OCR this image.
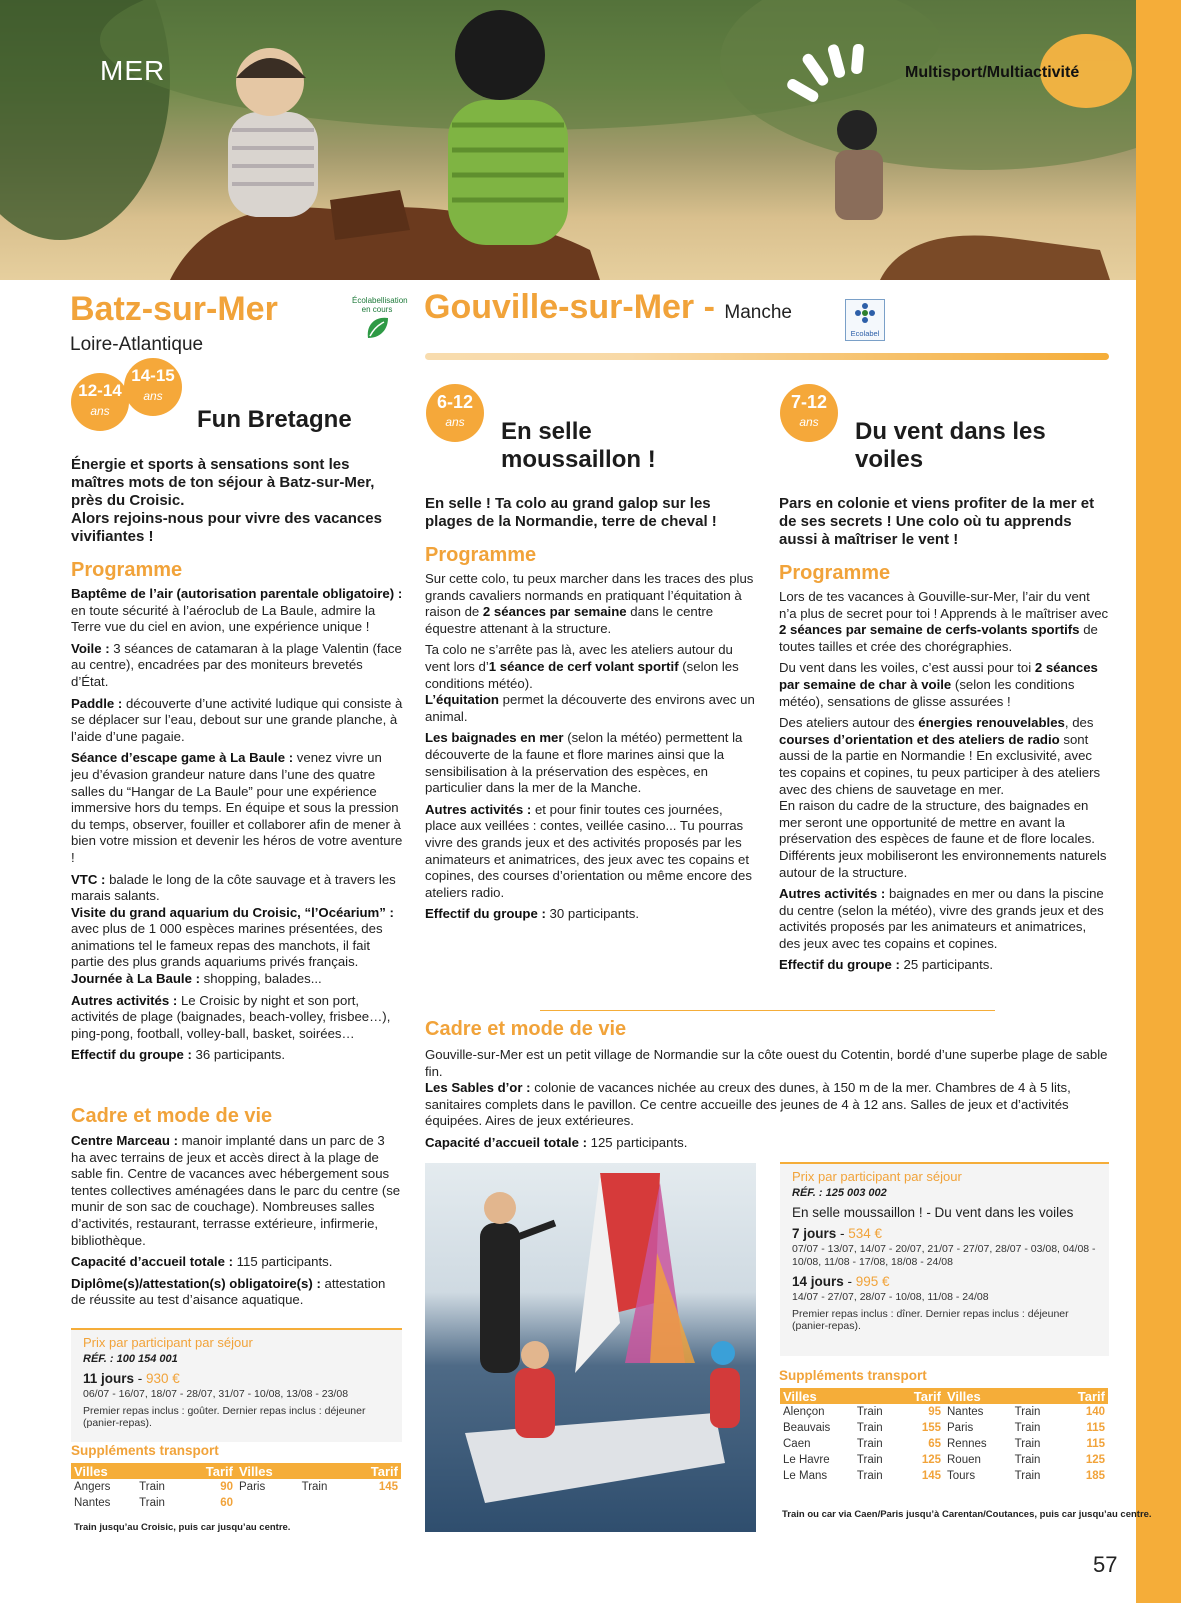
MER	Multisport/Multiactivité
Batz-sur-Mer
Loire-Atlantique
Écolabellisation
en cours
12-14
ans
14-15
ans
Fun Bretagne
Énergie et sports à sensations sont les maîtres mots de ton séjour à Batz-sur-Mer, près du Croisic.
Alors rejoins-nous pour vivre des vacances vivifiantes !
Programme

Baptême de l’air (autorisation parentale obligatoire) : en toute sécurité à l’aéroclub de La Baule, admire la Terre vue du ciel en avion, une expérience unique !

Voile : 3 séances de catamaran à la plage Valentin (face au centre), encadrées par des moniteurs brevetés d’État.

Paddle : découverte d’une activité ludique qui consiste à se déplacer sur l’eau, debout sur une grande planche, à l’aide d’une pagaie.

Séance d’escape game à La Baule : venez vivre un jeu d’évasion grandeur nature dans l’une des quatre salles du “Hangar de La Baule” pour une expérience immersive hors du temps. En équipe et sous la pression du temps, observer, fouiller et collaborer afin de mener à bien votre mission et devenir les héros de votre aventure !

VTC : balade le long de la côte sauvage et à travers les marais salants.

Visite du grand aquarium du Croisic, “l’Océarium” : avec plus de 1 000 espèces marines présentées, des animations tel le fameux repas des manchots, il fait partie des plus grands aquariums privés français.

Journée à La Baule : shopping, balades...

Autres activités : Le Croisic by night et son port, activités de plage (baignades, beach-volley, frisbee…), ping-pong, football, volley-ball, basket, soirées…

Effectif du groupe : 36 participants.

Cadre et mode de vie

Centre Marceau : manoir implanté dans un parc de 3 ha avec terrains de jeux et accès direct à la plage de sable fin. Centre de vacances avec hébergement sous tentes collectives aménagées dans le parc du centre (se munir de son sac de couchage). Nombreuses salles d’activités, restaurant, terrasse extérieure, infirmerie, bibliothèque.

Capacité d’accueil totale : 115 participants.

Diplôme(s)/attestation(s) obligatoire(s) : attestation de réussite au test d’aisance aquatique.

Prix par participant par séjour
RÉF. : 100 154 001
11 jours - 930 €
06/07 - 16/07, 18/07 - 28/07, 31/07 - 10/08, 13/08 - 23/08
Premier repas inclus : goûter. Dernier repas inclus : déjeuner (panier-repas).
Suppléments transport
Villes		Tarif
Angers	Train	90
Nantes	Train	60
Villes		Tarif
Paris	Train	145
Train jusqu’au Croisic, puis car jusqu’au centre.
Gouville-sur-Mer - Manche
Ecolabel
6-12
ans	En selle moussaillon !
En selle ! Ta colo au grand galop sur les plages de la Normandie, terre de cheval !
Programme

Sur cette colo, tu peux marcher dans les traces des plus grands cavaliers normands en pratiquant l’équitation à raison de 2 séances par semaine dans le centre équestre attenant à la structure.

Ta colo ne s’arrête pas là, avec les ateliers autour du vent lors d’1 séance de cerf volant sportif (selon les conditions météo).

L’équitation permet la découverte des environs avec un animal.

Les baignades en mer (selon la météo) permettent la découverte de la faune et flore marines ainsi que la sensibilisation à la préservation des espèces, en particulier dans la mer de la Manche.

Autres activités : et pour finir toutes ces journées, place aux veillées : contes, veillée casino... Tu pourras vivre des grands jeux et des activités proposés par les animateurs et animatrices, des jeux avec tes copains et copines, des courses d’orientation ou même encore des ateliers radio.

Effectif du groupe : 30 participants.

7-12
ans	Du vent dans les voiles
Pars en colonie et viens profiter de la mer et de ses secrets ! Une colo où tu apprends aussi à maîtriser le vent !
Programme

Lors de tes vacances à Gouville-sur-Mer, l’air du vent n’a plus de secret pour toi ! Apprends à le maîtriser avec 2 séances par semaine de cerfs-volants sportifs de toutes tailles et crée des chorégraphies.

Du vent dans les voiles, c’est aussi pour toi 2 séances par semaine de char à voile (selon les conditions météo), sensations de glisse assurées !

Des ateliers autour des énergies renouvelables, des courses d’orientation et des ateliers de radio sont aussi de la partie en Normandie ! En exclusivité, avec tes copains et copines, tu peux participer à des ateliers avec des chiens de sauvetage en mer.
En raison du cadre de la structure, des baignades en mer seront une opportunité de mettre en avant la préservation des espèces de faune et de flore locales. Différents jeux mobiliseront les environnements naturels autour de la structure.

Autres activités : baignades en mer ou dans la piscine du centre (selon la météo), vivre des grands jeux et des activités proposés par les animateurs et animatrices, des jeux avec tes copains et copines.

Effectif du groupe : 25 participants.

Cadre et mode de vie

Gouville-sur-Mer est un petit village de Normandie sur la côte ouest du Cotentin, bordé d’une superbe plage de sable fin.

Les Sables d’or : colonie de vacances nichée au creux des dunes, à 150 m de la mer. Chambres de 4 à 5 lits, sanitaires complets dans le pavillon. Ce centre accueille des jeunes de 4 à 12 ans. Salles de jeux et d’activités équipées. Aires de jeux extérieures.

Capacité d’accueil totale : 125 participants.

Prix par participant par séjour
RÉF. : 125 003 002
En selle moussaillon ! - Du vent dans les voiles
7 jours - 534 €
07/07 - 13/07, 14/07 - 20/07, 21/07 - 27/07, 28/07 - 03/08, 04/08 - 10/08, 11/08 - 17/08, 18/08 - 24/08
14 jours - 995 €
14/07 - 27/07, 28/07 - 10/08, 11/08 - 24/08
Premier repas inclus : dîner. Dernier repas inclus : déjeuner (panier-repas).
Suppléments transport
Villes		Tarif
Alençon	Train	95
Beauvais	Train	155
Caen	Train	65
Le Havre	Train	125
Le Mans	Train	145
Villes		Tarif
Nantes	Train	140
Paris	Train	115
Rennes	Train	115
Rouen	Train	125
Tours	Train	185
Train ou car via Caen/Paris jusqu’à Carentan/Coutances, puis car jusqu’au centre.
57
